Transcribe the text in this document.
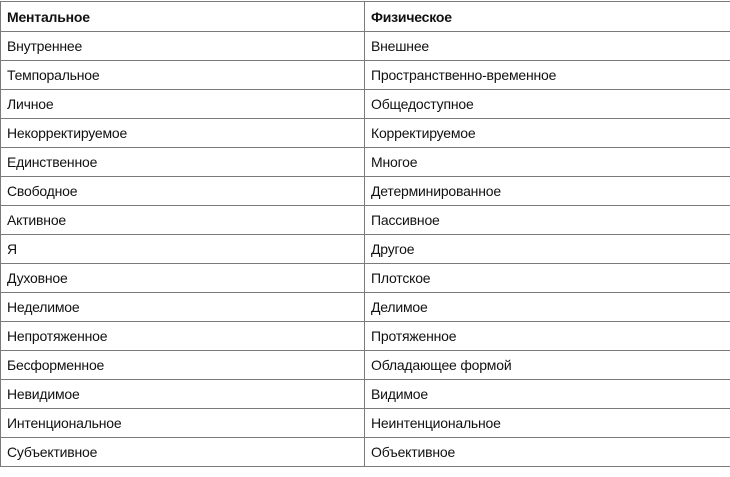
Ментальное	Физическое
Внутреннее	Внешнее
Темпоральное	Пространственно-временное
Личное	Общедоступное
Некорректируемое	Корректируемое
Единственное	Многое
Свободное	Детерминированное
Активное	Пассивное
Я	Другое
Духовное	Плотское
Неделимое	Делимое
Непротяженное	Протяженное
Бесформенное	Обладающее формой
Невидимое	Видимое
Интенциональное	Неинтенциональное
Субъективное	Объективное
